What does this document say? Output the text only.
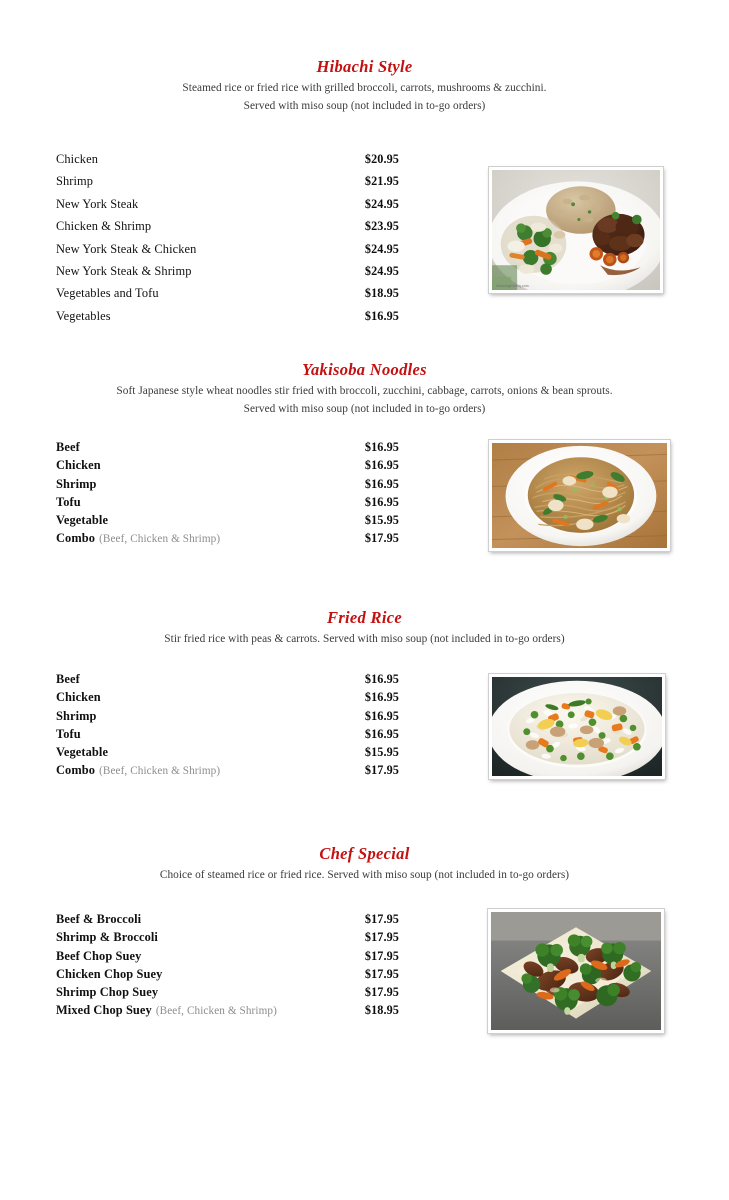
Hibachi Style
Steamed rice or fried rice with grilled broccoli, carrots, mushrooms & zucchini.
Served with miso soup (not included in to-go orders)
Chicken	$20.95
Shrimp	$21.95
New York Steak	$24.95
Chicken & Shrimp	$23.95
New York Steak & Chicken	$24.95
New York Steak & Shrimp	$24.95
Vegetables and Tofu	$18.95
Vegetables	$16.95
hibachigrillbbq.com
Yakisoba Noodles
Soft Japanese style wheat noodles stir fried with broccoli, zucchini, cabbage, carrots, onions & bean sprouts.
Served with miso soup (not included in to-go orders)
Beef	$16.95
Chicken	$16.95
Shrimp	$16.95
Tofu	$16.95
Vegetable	$15.95
Combo (Beef, Chicken & Shrimp)	$17.95
Fried Rice
Stir fried rice with peas & carrots. Served with miso soup (not included in to-go orders)
Beef	$16.95
Chicken	$16.95
Shrimp	$16.95
Tofu	$16.95
Vegetable	$15.95
Combo (Beef, Chicken & Shrimp)	$17.95
Chef Special
Choice of steamed rice or fried rice. Served with miso soup (not included in to-go orders)
Beef & Broccoli	$17.95
Shrimp & Broccoli	$17.95
Beef Chop Suey	$17.95
Chicken Chop Suey	$17.95
Shrimp Chop Suey	$17.95
Mixed Chop Suey (Beef, Chicken & Shrimp)	$18.95
